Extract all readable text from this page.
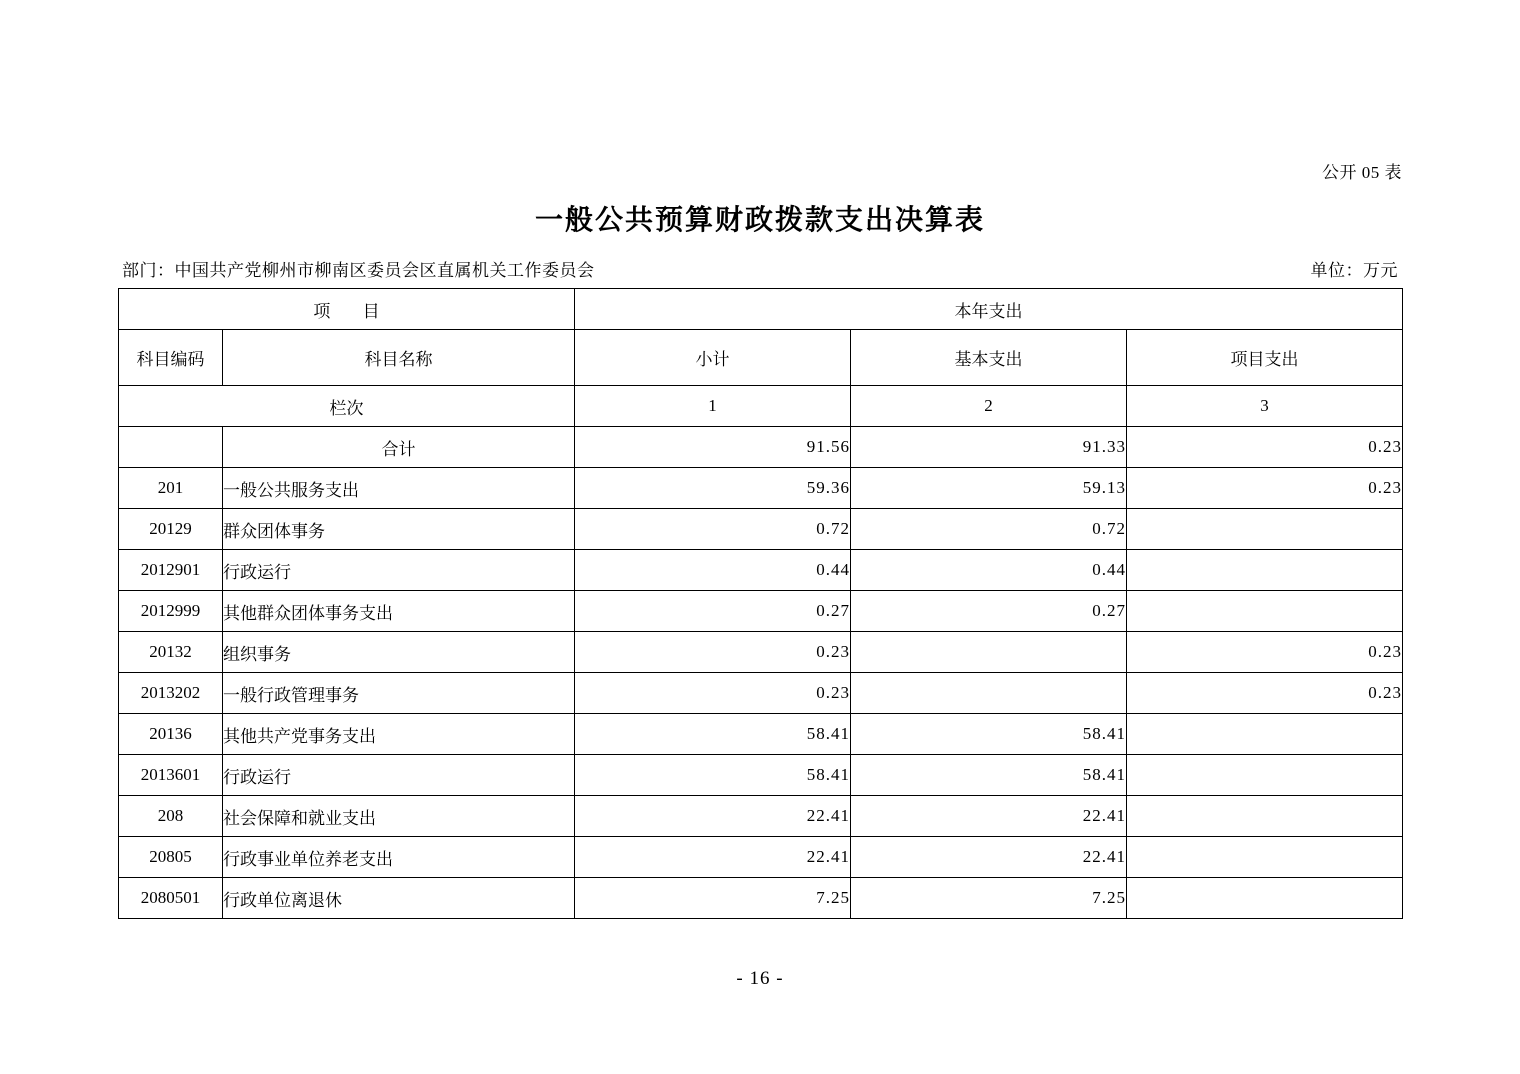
公开 05 表
一般公共预算财政拨款支出决算表
部门：中国共产党柳州市柳南区委员会区直属机关工作委员会	单位：万元
项 目		本年支出		
科目编码	科目名称	小计	基本支出	项目支出
栏次		1	2	3
	合计	91.56	91.33	0.23
201	一般公共服务支出	59.36	59.13	0.23
20129	群众团体事务	0.72	0.72	
2012901	行政运行	0.44	0.44	
2012999	其他群众团体事务支出	0.27	0.27	
20132	组织事务	0.23		0.23
2013202	一般行政管理事务	0.23		0.23
20136	其他共产党事务支出	58.41	58.41	
2013601	行政运行	58.41	58.41	
208	社会保障和就业支出	22.41	22.41	
20805	行政事业单位养老支出	22.41	22.41	
2080501	行政单位离退休	7.25	7.25	
- 16 -
